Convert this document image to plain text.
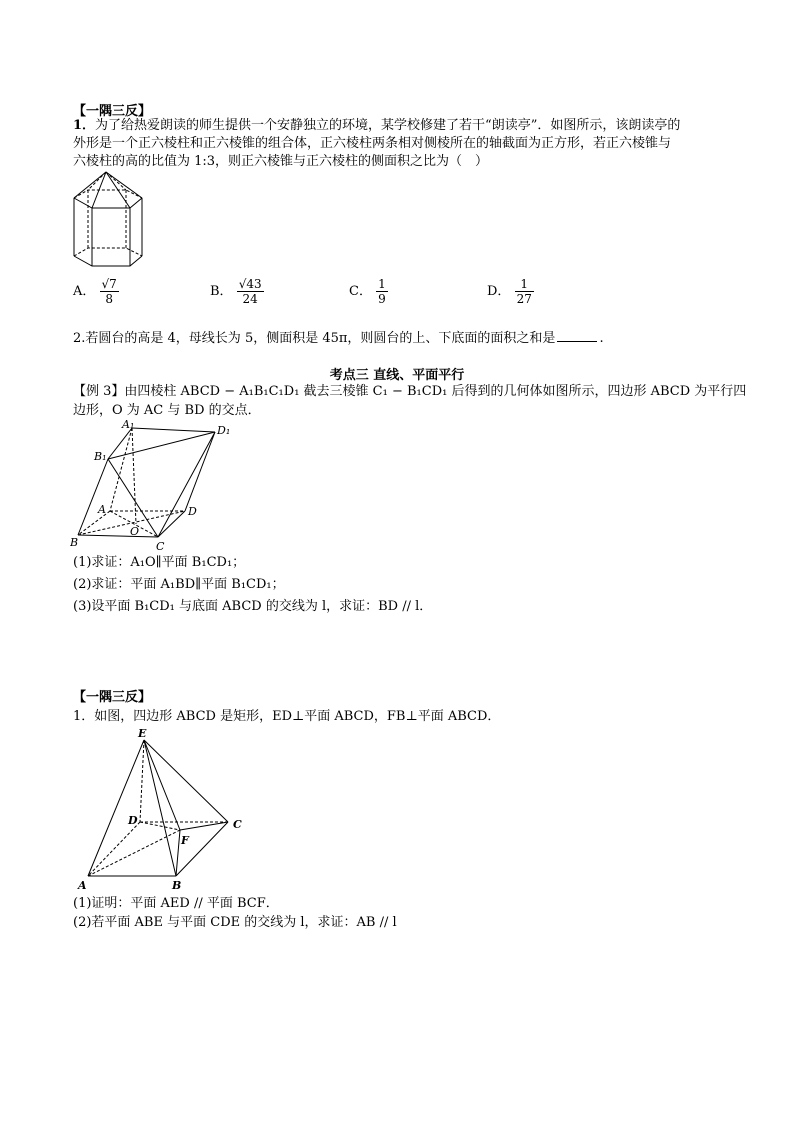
【一隅三反】
1．为了给热爱朗读的师生提供一个安静独立的环境，某学校修建了若干“朗读亭”．如图所示，该朗读亭的
外形是一个正六棱柱和正六棱锥的组合体，正六棱柱两条相对侧棱所在的轴截面为正方形，若正六棱锥与
六棱柱的高的比值为 1:3，则正六棱锥与正六棱柱的侧面积之比为（　）
A． $\frac{√7}{8}$	B． $\frac{√43}{24}$	C． $\frac{1}{9}$	D． $\frac{1}{27}$
2.若圆台的高是 4，母线长为 5，侧面积是 45π，则圆台的上、下底面的面积之和是	.
考点三 直线、平面平行
【例 3】由四棱柱 ABCD − A₁B₁C₁D₁ 截去三棱锥 C₁ − B₁CD₁ 后得到的几何体如图所示，四边形 ABCD 为平行四
边形，O 为 AC 与 BD 的交点．
A₁	D₁
B₁
A	D
O
B	C
(1)求证：A₁O∥平面 B₁CD₁；
(2)求证：平面 A₁BD∥平面 B₁CD₁；
(3)设平面 B₁CD₁ 与底面 ABCD 的交线为 l，求证：BD // l．
【一隅三反】
1．如图，四边形 ABCD 是矩形，ED⊥平面 ABCD，FB⊥平面 ABCD．
E
D	C
F
A	B
(1)证明：平面 AED // 平面 BCF．
(2)若平面 ABE 与平面 CDE 的交线为 l，求证：AB // l
